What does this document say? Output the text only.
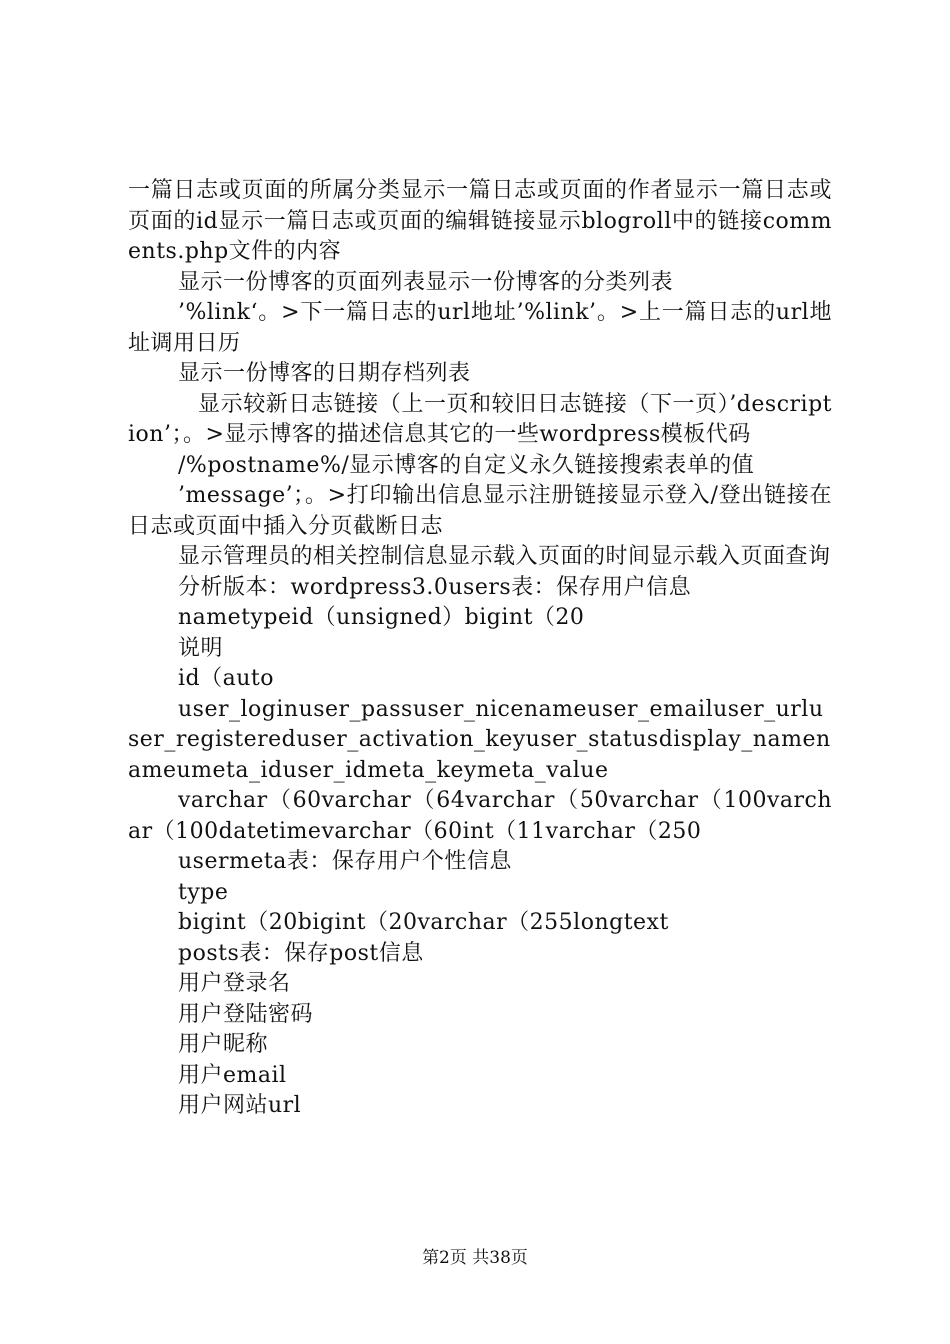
一篇日志或页面的所属分类显示一篇日志或页面的作者显示一篇日志或页面的id显示一篇日志或页面的编辑链接显示blogroll中的链接comments.php文件的内容

显示一份博客的页面列表显示一份博客的分类列表

’%link‘。>下一篇日志的url地址’%link’。>上一篇日志的url地址调用日历

显示一份博客的日期存档列表

显示较新日志链接（上一页和较旧日志链接（下一页）’description’；。>显示博客的描述信息其它的一些wordpress模板代码

/%postname%/显示博客的自定义永久链接搜索表单的值

’message’；。>打印输出信息显示注册链接显示登入/登出链接在日志或页面中插入分页截断日志

显示管理员的相关控制信息显示载入页面的时间显示载入页面查询

分析版本：wordpress3.0users表：保存用户信息

nametypeid（unsigned）bigint（20

说明

id（auto

user_loginuser_passuser_nicenameuser_emailuser_urluser_registereduser_activation_keyuser_statusdisplay_namenameumeta_iduser_idmeta_keymeta_value

varchar（60varchar（64varchar（50varchar（100varchar（100datetimevarchar（60int（11varchar（250

usermeta表：保存用户个性信息

type

bigint（20bigint（20varchar（255longtext

posts表：保存post信息

用户登录名

用户登陆密码

用户昵称

用户email

用户网站url

第2页 共38页
